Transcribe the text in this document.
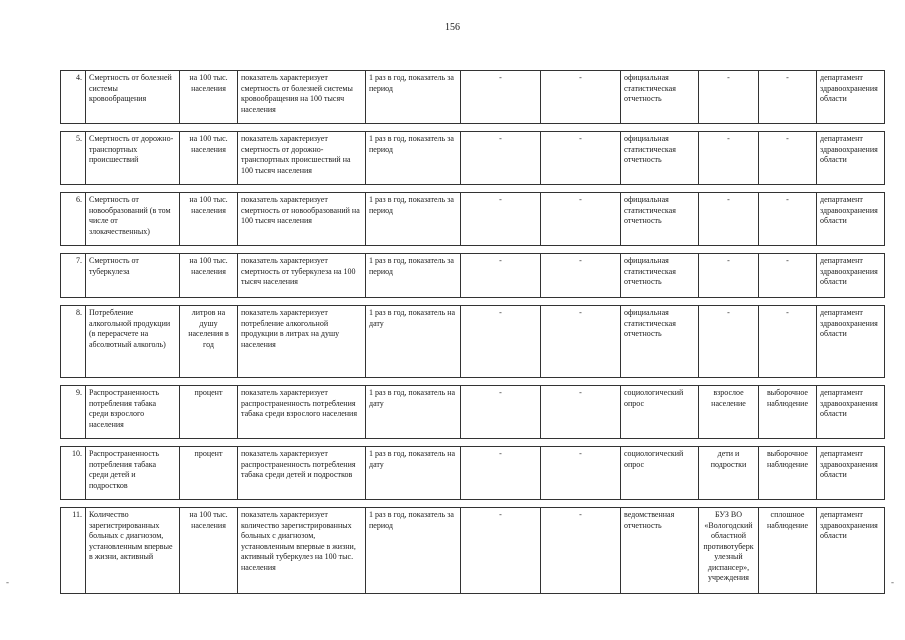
156
4.	Смертность от болезней системы кровообращения	на 100 тыс. населения	показатель характеризует смертность от болезней системы кровообращения на 100 тысяч населения	1 раз в год, показатель за период	-	-	официальная статистическая отчетность	-	-	департамент здравоохранения области

5.	Смертность от дорожно-транспортных происшествий	на 100 тыс. населения	показатель характеризует смертность от дорожно-транспортных происшествий на 100 тысяч населения	1 раз в год, показатель за период	-	-	официальная статистическая отчетность	-	-	департамент здравоохранения области

6.	Смертность от новообразований (в том числе от злокачественных)	на 100 тыс. населения	показатель характеризует смертность от новообразований на 100 тысяч населения	1 раз в год, показатель за период	-	-	официальная статистическая отчетность	-	-	департамент здравоохранения области

7.	Смертность от туберкулеза	на 100 тыс. населения	показатель характеризует смертность от туберкулеза на 100 тысяч населения	1 раз в год, показатель за период	-	-	официальная статистическая отчетность	-	-	департамент здравоохранения области

8.	Потребление алкогольной продукции (в перерасчете на абсолютный алкоголь)	литров на душу населения в год	показатель характеризует потребление алкогольной продукции в литрах на душу населения	1 раз в год, показатель на дату	-	-	официальная статистическая отчетность	-	-	департамент здравоохранения области

9.	Распространенность потребления табака среди взрослого населения	процент	показатель характеризует распространенность потребления табака среди взрослого населения	1 раз в год, показатель на дату	-	-	социологический опрос	взрослое население	выборочное наблюдение	департамент здравоохранения области

10.	Распространенность потребления табака среди детей и подростков	процент	показатель характеризует распространенность потребления табака среди детей и подростков	1 раз в год, показатель на дату	-	-	социологический опрос	дети и подростки	выборочное наблюдение	департамент здравоохранения области

11.	Количество зарегистрированных больных с диагнозом, установленным впервые в жизни, активный	на 100 тыс. населения	показатель характеризует количество зарегистрированных больных с диагнозом, установленным впервые в жизни, активный туберкулез на 100 тыс. населения	1 раз в год, показатель за период	-	-	ведомственная отчетность	БУЗ ВО «Вологодский областной противотуберкулезный диспансер», учреждения	сплошное наблюдение	департамент здравоохранения области
-	-
